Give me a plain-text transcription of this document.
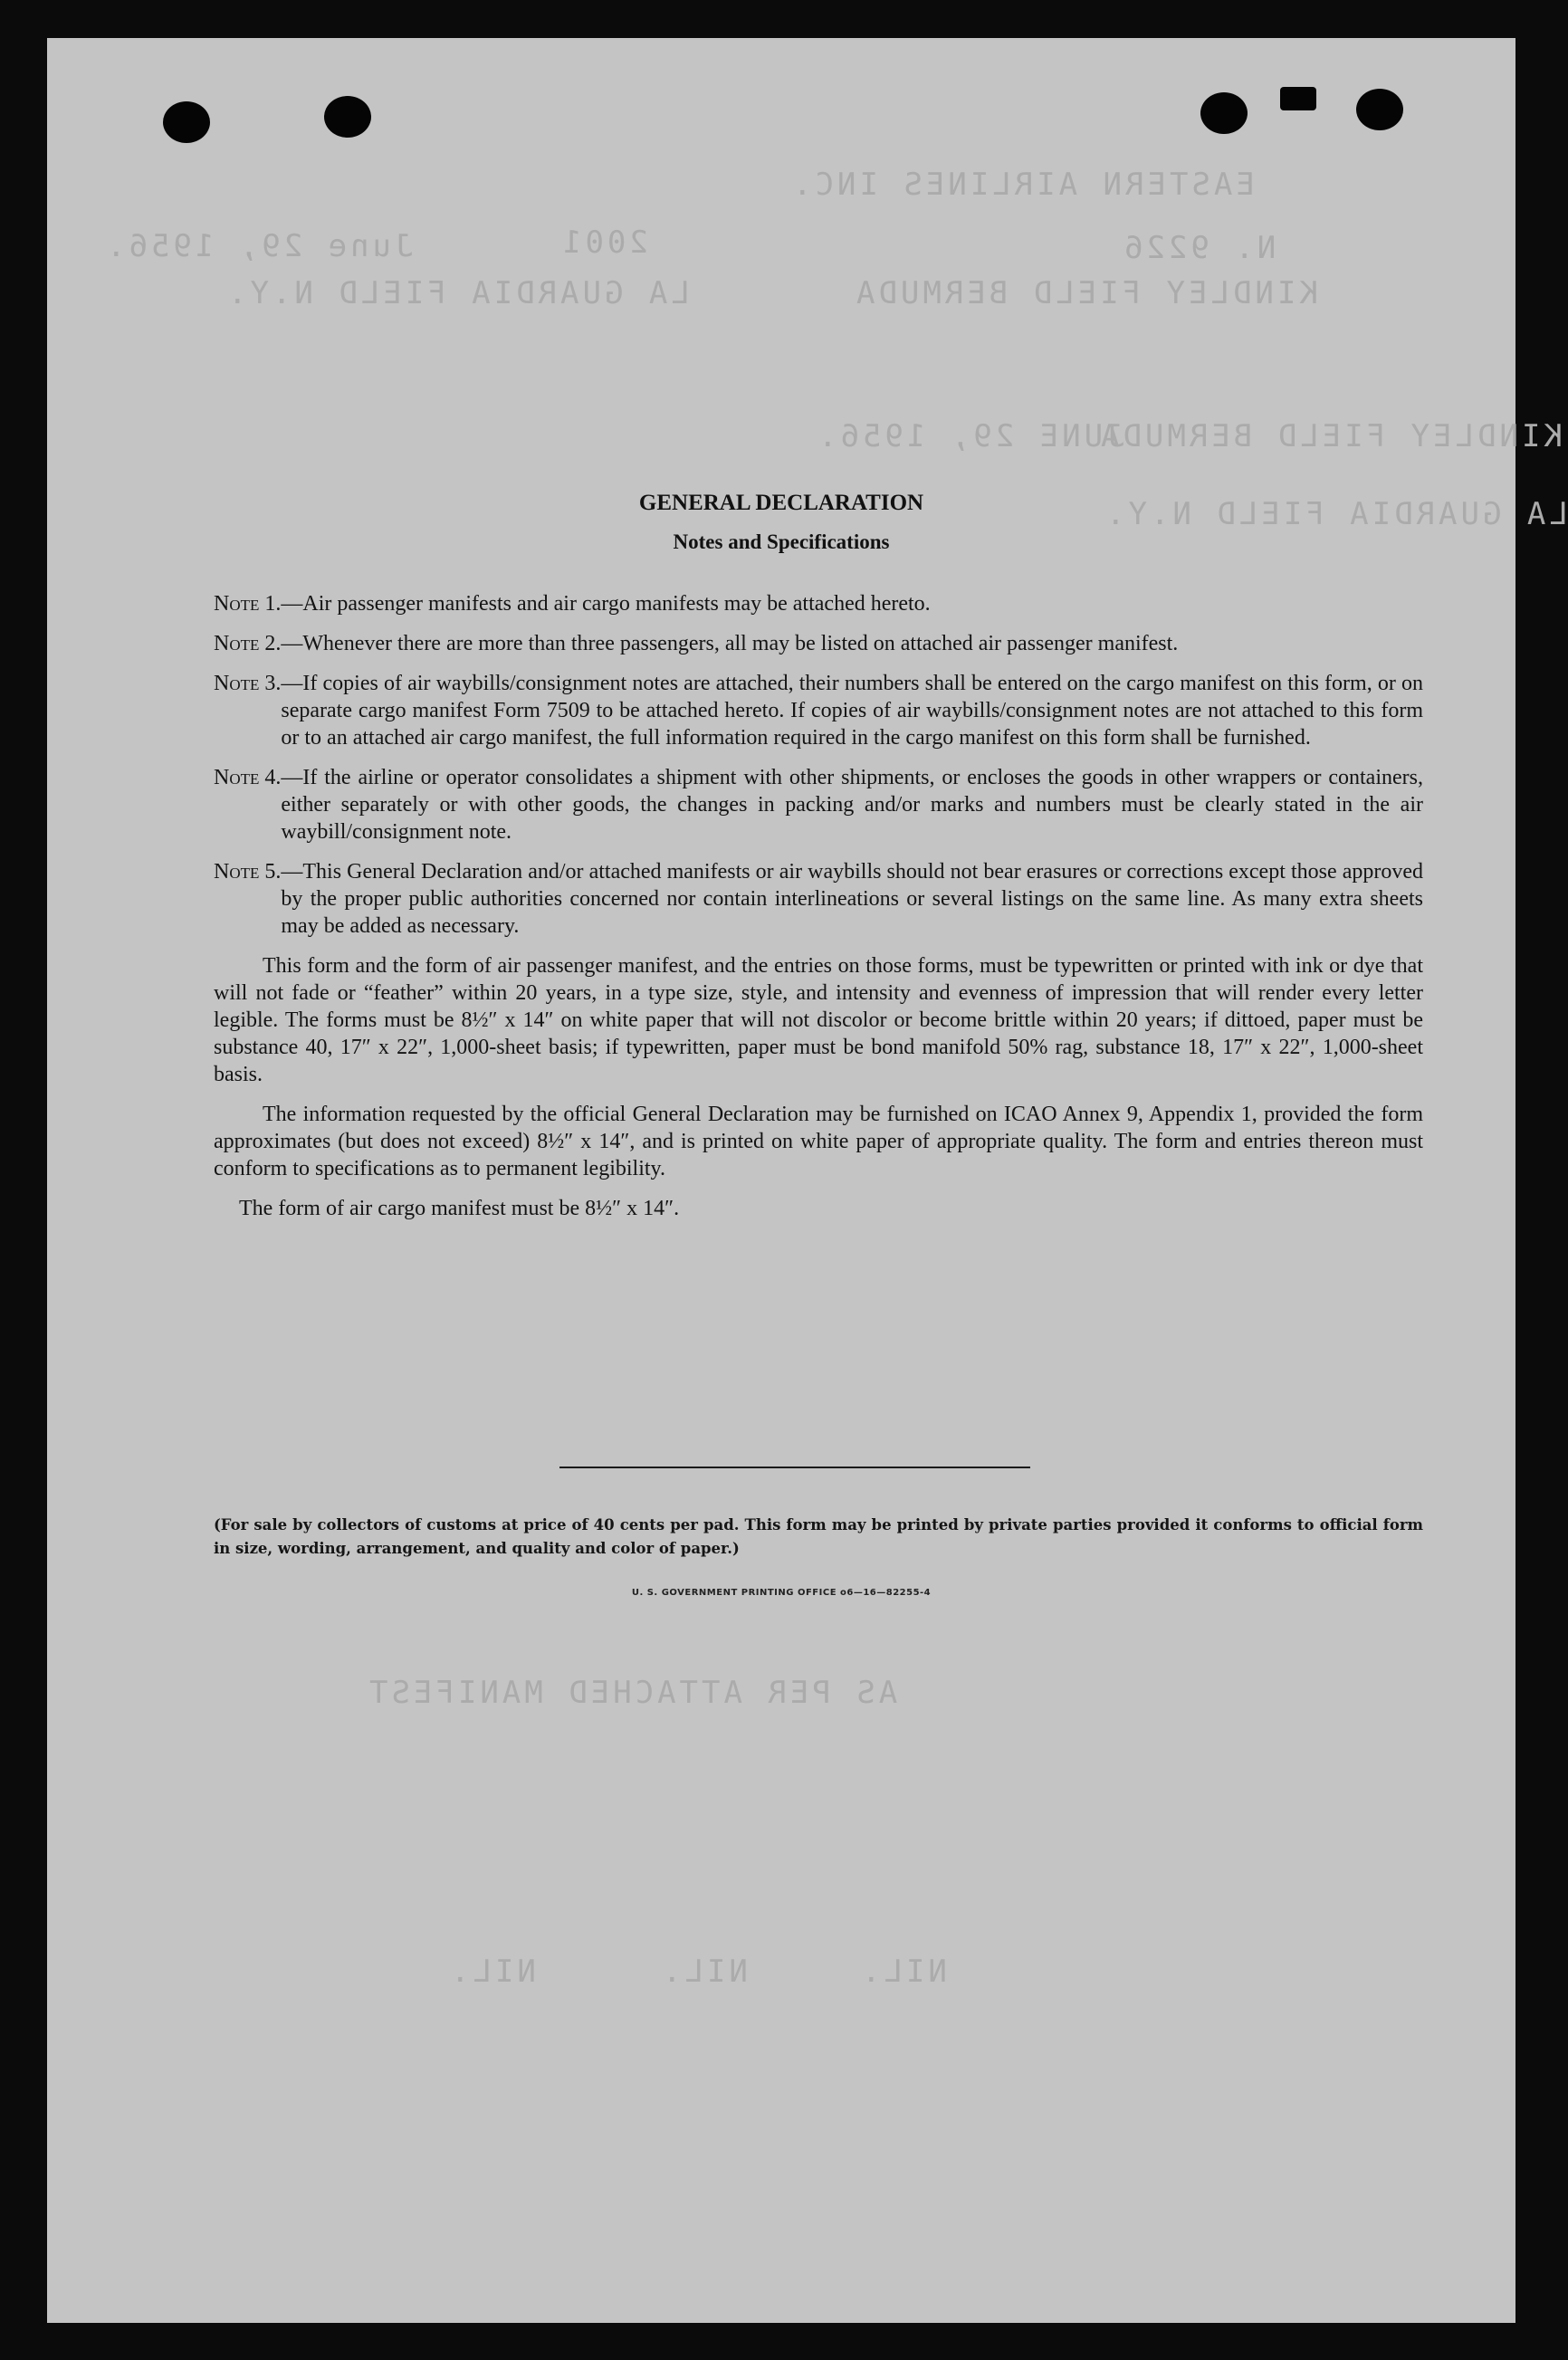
EASTERN AIRLINES INC.
N. 9226
2001
June 29, 1956.
KINDLEY FIELD BERMUDA
LA GUARDIA FIELD N.Y.
KINDLEY FIELD BERMUDA
JUNE 29, 1956.
LA GUARDIA FIELD N.Y.
AS PER ATTACHED MANIFEST
NIL.	NIL.	NIL.
GENERAL DECLARATION
Notes and Specifications
Note 1. —Air passenger manifests and air cargo manifests may be attached hereto.
Note 2. —Whenever there are more than three passengers, all may be listed on attached air passenger manifest.
Note 3. —If copies of air waybills/consignment notes are attached, their numbers shall be entered on the cargo manifest on this form, or on separate cargo manifest Form 7509 to be attached hereto. If copies of air waybills/consignment notes are not attached to this form or to an attached air cargo manifest, the full information required in the cargo manifest on this form shall be furnished.
Note 4. —If the airline or operator consolidates a shipment with other shipments, or encloses the goods in other wrappers or containers, either separately or with other goods, the changes in packing and/or marks and numbers must be clearly stated in the air waybill/consignment note.
Note 5. —This General Declaration and/or attached manifests or air waybills should not bear erasures or corrections except those approved by the proper public authorities concerned nor contain interlineations or several listings on the same line. As many extra sheets may be added as necessary.

This form and the form of air passenger manifest, and the entries on those forms, must be typewritten or printed with ink or dye that will not fade or “feather” within 20 years, in a type size, style, and intensity and evenness of impression that will render every letter legible. The forms must be 8½″ x 14″ on white paper that will not discolor or become brittle within 20 years; if dittoed, paper must be substance 40, 17″ x 22″, 1,000-sheet basis; if typewritten, paper must be bond manifold 50% rag, substance 18, 17″ x 22″, 1,000-sheet basis.

The information requested by the official General Declaration may be furnished on ICAO Annex 9, Appendix 1, provided the form approximates (but does not exceed) 8½″ x 14″, and is printed on white paper of appropriate quality. The form and entries thereon must conform to specifications as to permanent legibility.

The form of air cargo manifest must be 8½″ x 14″.

(For sale by collectors of customs at price of 40 cents per pad. This form may be printed by private parties provided it conforms to official form in size, wording, arrangement, and quality and color of paper.)
U. S. GOVERNMENT PRINTING OFFICE o6—16—82255-4
